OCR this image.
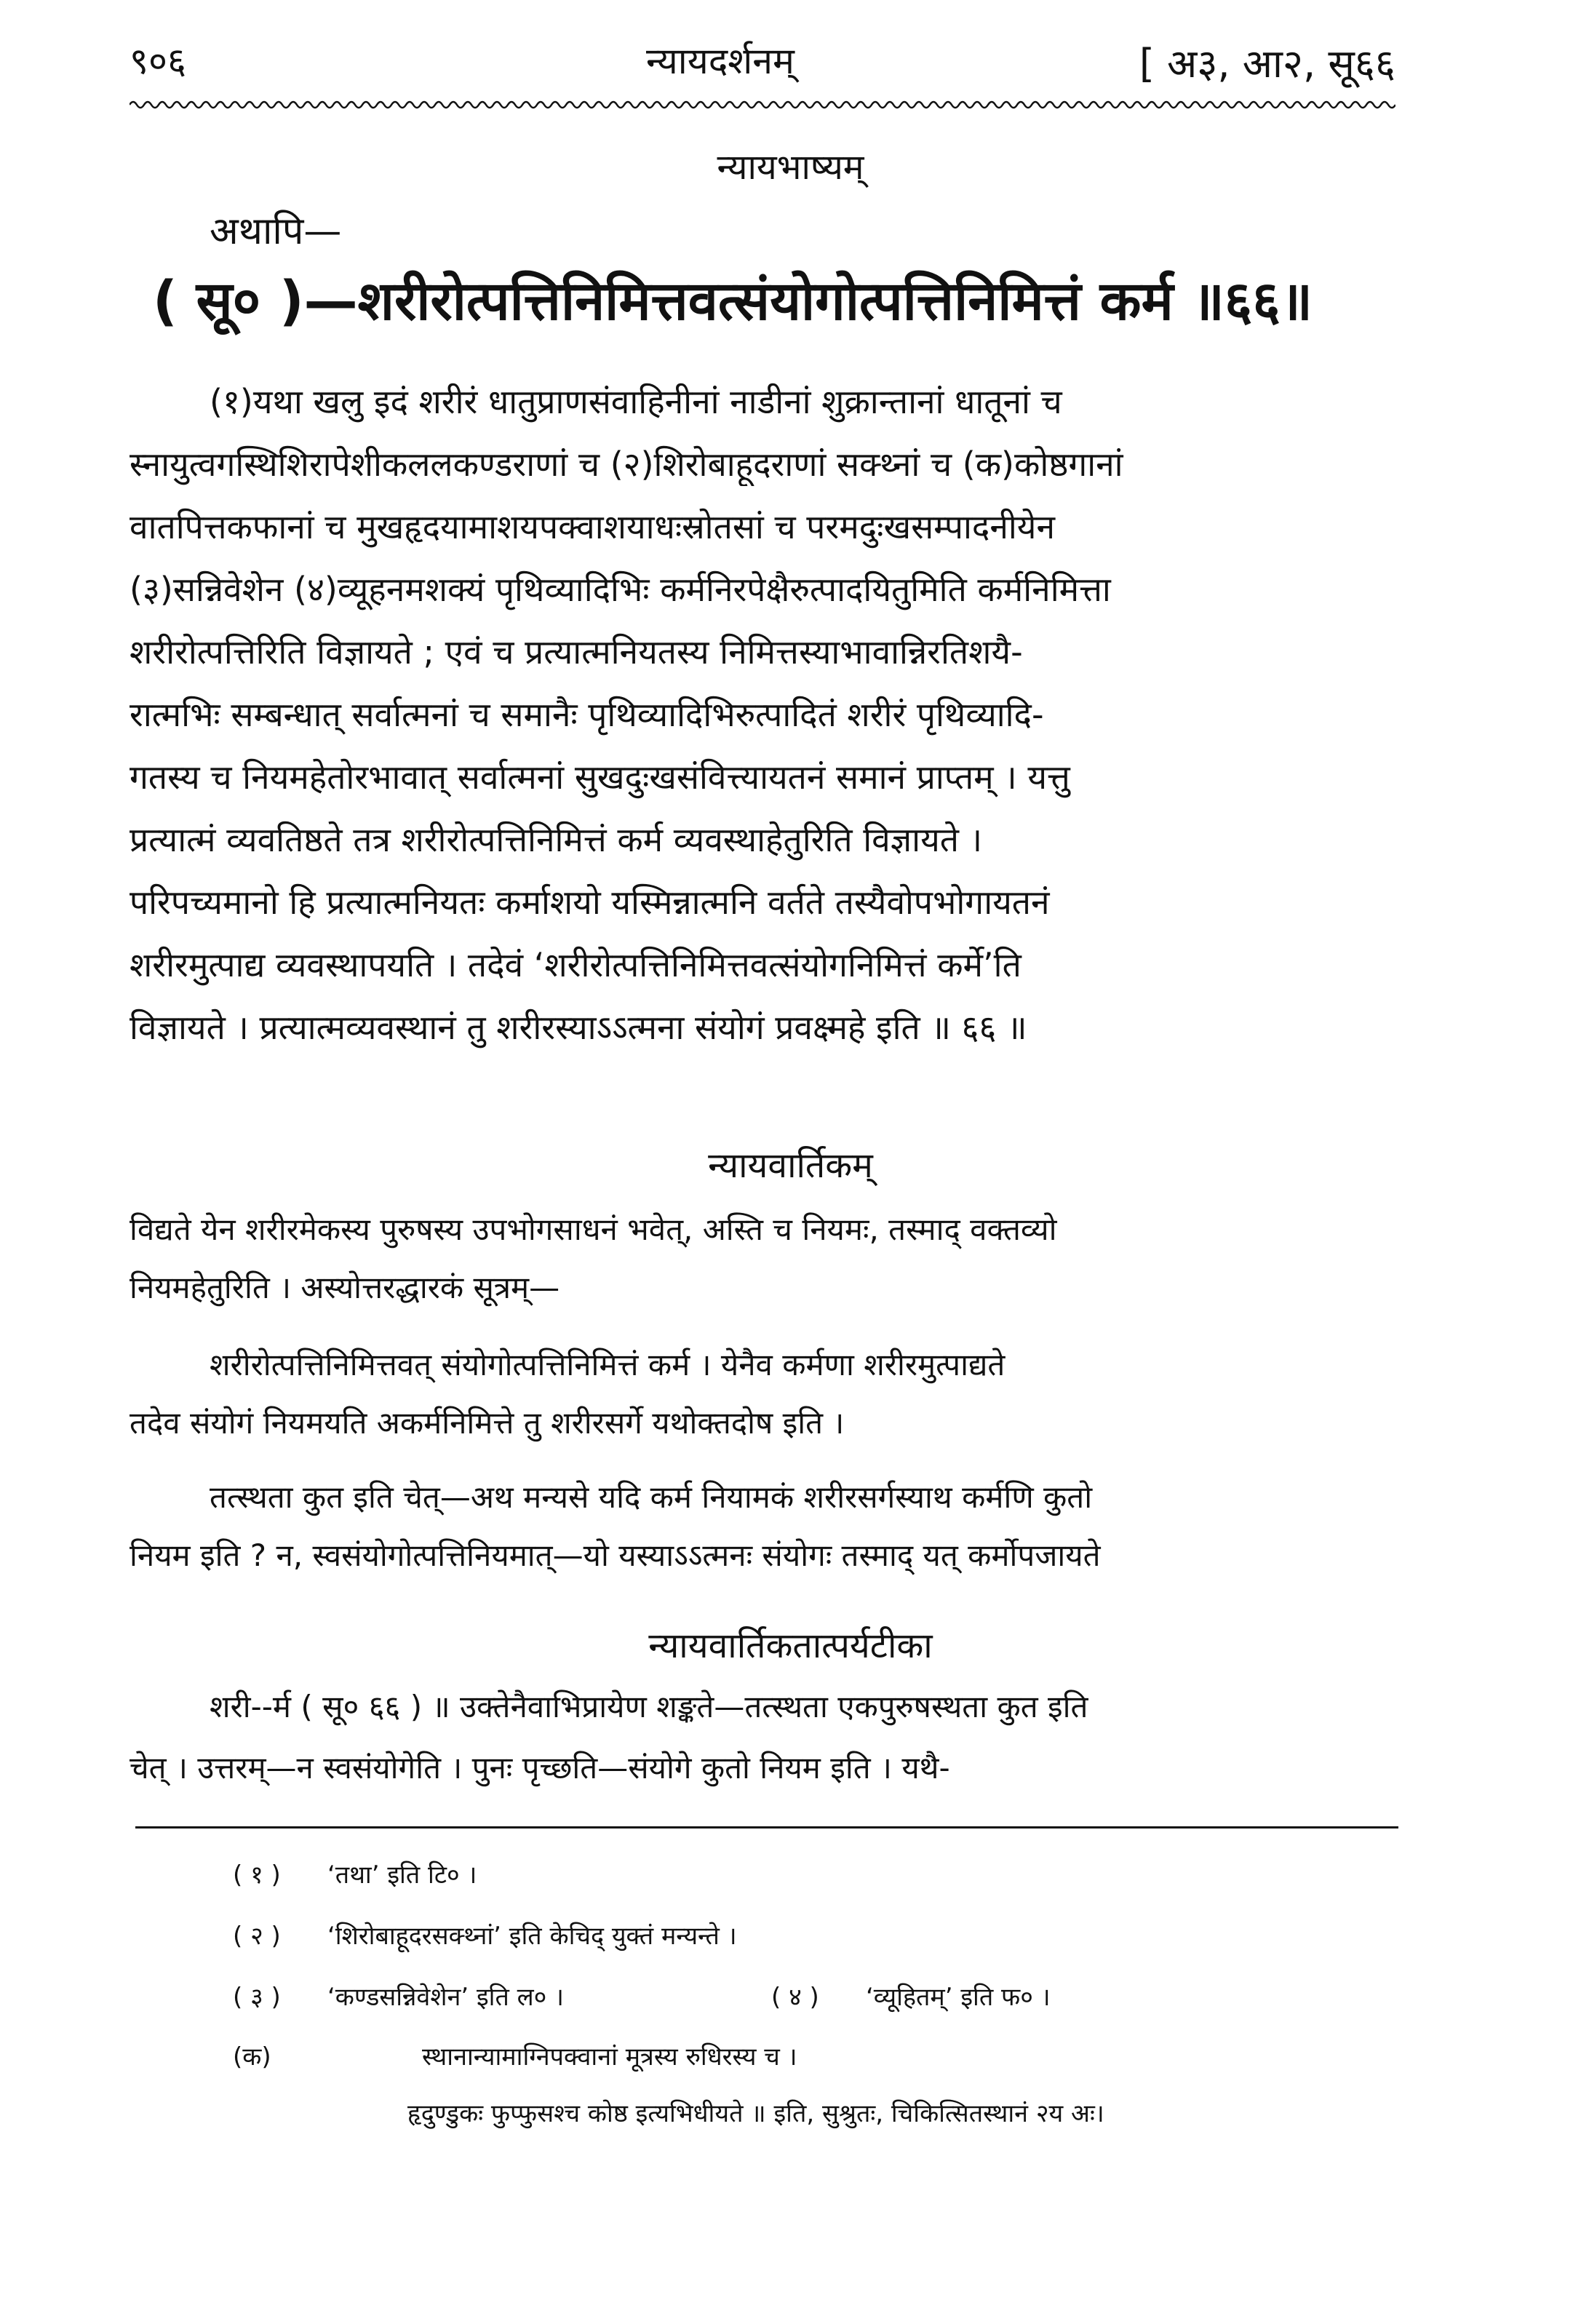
९०६	न्यायदर्शनम्	[ अ३, आ२, सू६६
न्यायभाष्यम्
अथापि—
( सू० )—शरीरोत्पत्तिनिमित्तवत्संयोगोत्पत्तिनिमित्तं कर्म ॥६६॥
(१)यथा खलु इदं शरीरं धातुप्राणसंवाहिनीनां नाडीनां शुक्रान्तानां धातूनां च
स्नायुत्वगस्थिशिरापेशीकललकण्डराणां च (२)शिरोबाहूदराणां सक्थ्नां च (क)कोष्ठगानां
वातपित्तकफानां च मुखहृदयामाशयपक्वाशयाधःस्रोतसां च परमदुःखसम्पादनीयेन
(३)सन्निवेशेन (४)व्यूहनमशक्यं पृथिव्यादिभिः कर्मनिरपेक्षैरुत्पादयितुमिति कर्मनिमित्ता
शरीरोत्पत्तिरिति विज्ञायते ; एवं च प्रत्यात्मनियतस्य निमित्तस्याभावान्निरतिशयै-
रात्मभिः सम्बन्धात् सर्वात्मनां च समानैः पृथिव्यादिभिरुत्पादितं शरीरं पृथिव्यादि-
गतस्य च नियमहेतोरभावात् सर्वात्मनां सुखदुःखसंवित्त्यायतनं समानं प्राप्तम् । यत्तु
प्रत्यात्मं व्यवतिष्ठते तत्र शरीरोत्पत्तिनिमित्तं कर्म व्यवस्थाहेतुरिति विज्ञायते ।
परिपच्यमानो हि प्रत्यात्मनियतः कर्माशयो यस्मिन्नात्मनि वर्तते तस्यैवोपभोगायतनं
शरीरमुत्पाद्य व्यवस्थापयति । तदेवं ‘शरीरोत्पत्तिनिमित्तवत्संयोगनिमित्तं कर्मे’ति
विज्ञायते । प्रत्यात्मव्यवस्थानं तु शरीरस्याऽऽत्मना संयोगं प्रवक्ष्महे इति ॥ ६६ ॥
न्यायवार्तिकम्
विद्यते येन शरीरमेकस्य पुरुषस्य उपभोगसाधनं भवेत्, अस्ति च नियमः, तस्माद् वक्तव्यो
नियमहेतुरिति । अस्योत्तरद्धारकं सूत्रम्—
शरीरोत्पत्तिनिमित्तवत् संयोगोत्पत्तिनिमित्तं कर्म । येनैव कर्मणा शरीरमुत्पाद्यते
तदेव संयोगं नियमयति अकर्मनिमित्ते तु शरीरसर्गे यथोक्तदोष इति ।
तत्स्थता कुत इति चेत्—अथ मन्यसे यदि कर्म नियामकं शरीरसर्गस्याथ कर्मणि कुतो
नियम इति ? न, स्वसंयोगोत्पत्तिनियमात्—यो यस्याऽऽत्मनः संयोगः तस्माद् यत् कर्मोपजायते
न्यायवार्तिकतात्पर्यटीका
शरी--र्म ( सू० ६६ ) ॥ उक्तेनैवाभिप्रायेण शङ्कते—तत्स्थता एकपुरुषस्थता कुत इति
चेत् । उत्तरम्—न स्वसंयोगेति । पुनः पृच्छति—संयोगे कुतो नियम इति । यथै-
( १ ) ‘तथा’ इति टि० ।
( २ ) ‘शिरोबाहूदरसक्थ्नां’ इति केचिद् युक्तं मन्यन्ते ।
( ३ ) ‘कण्डसन्निवेशेन’ इति ल० ।	( ४ ) ‘व्यूहितम्’ इति फ० ।
(क)	स्थानान्यामाग्निपक्वानां मूत्रस्य रुधिरस्य च ।
हृदुण्डुकः फुप्फुसश्च कोष्ठ इत्यभिधीयते ॥ इति, सुश्रुतः, चिकित्सितस्थानं २य अः।
